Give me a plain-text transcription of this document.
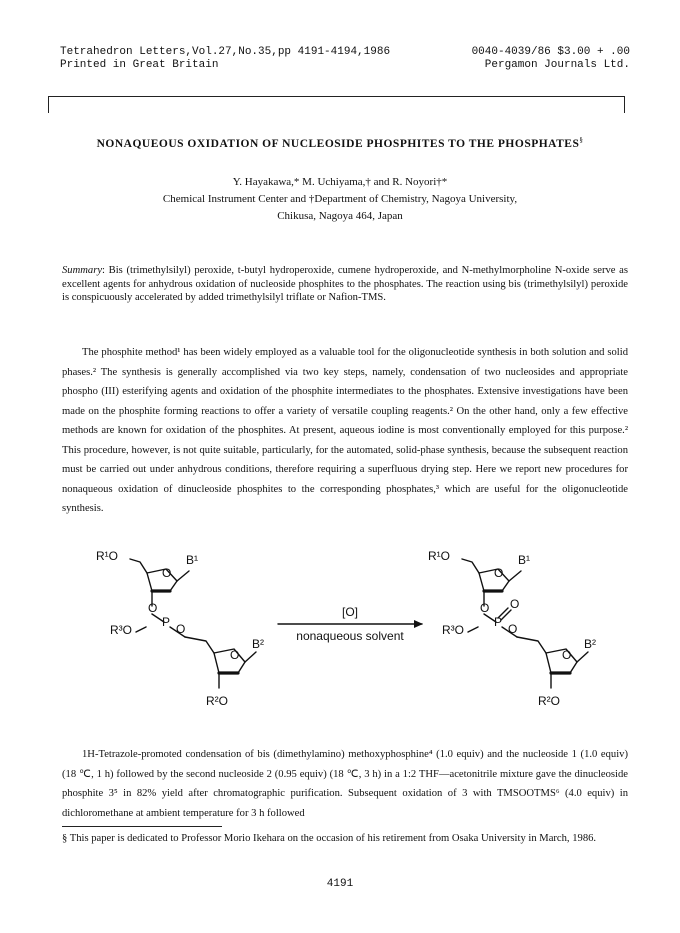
Tetrahedron Letters,Vol.27,No.35,pp 4191-4194,1986	0040-4039/86 $3.00 + .00
Printed in Great Britain	Pergamon Journals Ltd.
NONAQUEOUS OXIDATION OF NUCLEOSIDE PHOSPHITES TO THE PHOSPHATES§
Y. Hayakawa,* M. Uchiyama,† and R. Noyori†*
Chemical Instrument Center and †Department of Chemistry, Nagoya University,
Chikusa, Nagoya 464, Japan
Summary: Bis (trimethylsilyl) peroxide, t-butyl hydroperoxide, cumene hydroperoxide, and N-methylmorpholine N-oxide serve as excellent agents for anhydrous oxidation of nucleoside phosphites to the phosphates. The reaction using bis (trimethylsilyl) peroxide is conspicuously accelerated by added trimethylsilyl triflate or Nafion-TMS.
The phosphite method¹ has been widely employed as a valuable tool for the oligonucleotide synthesis in both solution and solid phases.² The synthesis is generally accomplished via two key steps, namely, condensation of two nucleosides and appropriate phospho (III) esterifying agents and oxidation of the phosphite intermediates to the phosphates. Extensive investigations have been made on the phosphite forming reactions to offer a variety of versatile coupling reagents.² On the other hand, only a few effective methods are known for oxidation of the phosphites. At present, aqueous iodine is most conventionally employed for this purpose.² This procedure, however, is not quite suitable, particularly, for the automated, solid-phase synthesis, because the subsequent reaction must be carried out under anhydrous conditions, therefore requiring a superfluous drying step. Here we report new procedures for nonaqueous oxidation of dinucleoside phosphites to the corresponding phosphates,³ which are useful for the oligonucleotide synthesis.
R¹O	B¹
O
O
P
R³O	O
O
B²
R²O
[O]
nonaqueous solvent
R¹O	B¹
O
O O
P
R³O	O
O
B²
R²O
1H-Tetrazole-promoted condensation of bis (dimethylamino) methoxyphosphine⁴ (1.0 equiv) and the nucleoside 1 (1.0 equiv) (18 ℃, 1 h) followed by the second nucleoside 2 (0.95 equiv) (18 ℃, 3 h) in a 1:2 THF—acetonitrile mixture gave the dinucleoside phosphite 3⁵ in 82% yield after chromatographic purification. Subsequent oxidation of 3 with TMSOOTMS⁶ (4.0 equiv) in dichloromethane at ambient temperature for 3 h followed
§ This paper is dedicated to Professor Morio Ikehara on the occasion of his retirement from Osaka University in March, 1986.
4191
